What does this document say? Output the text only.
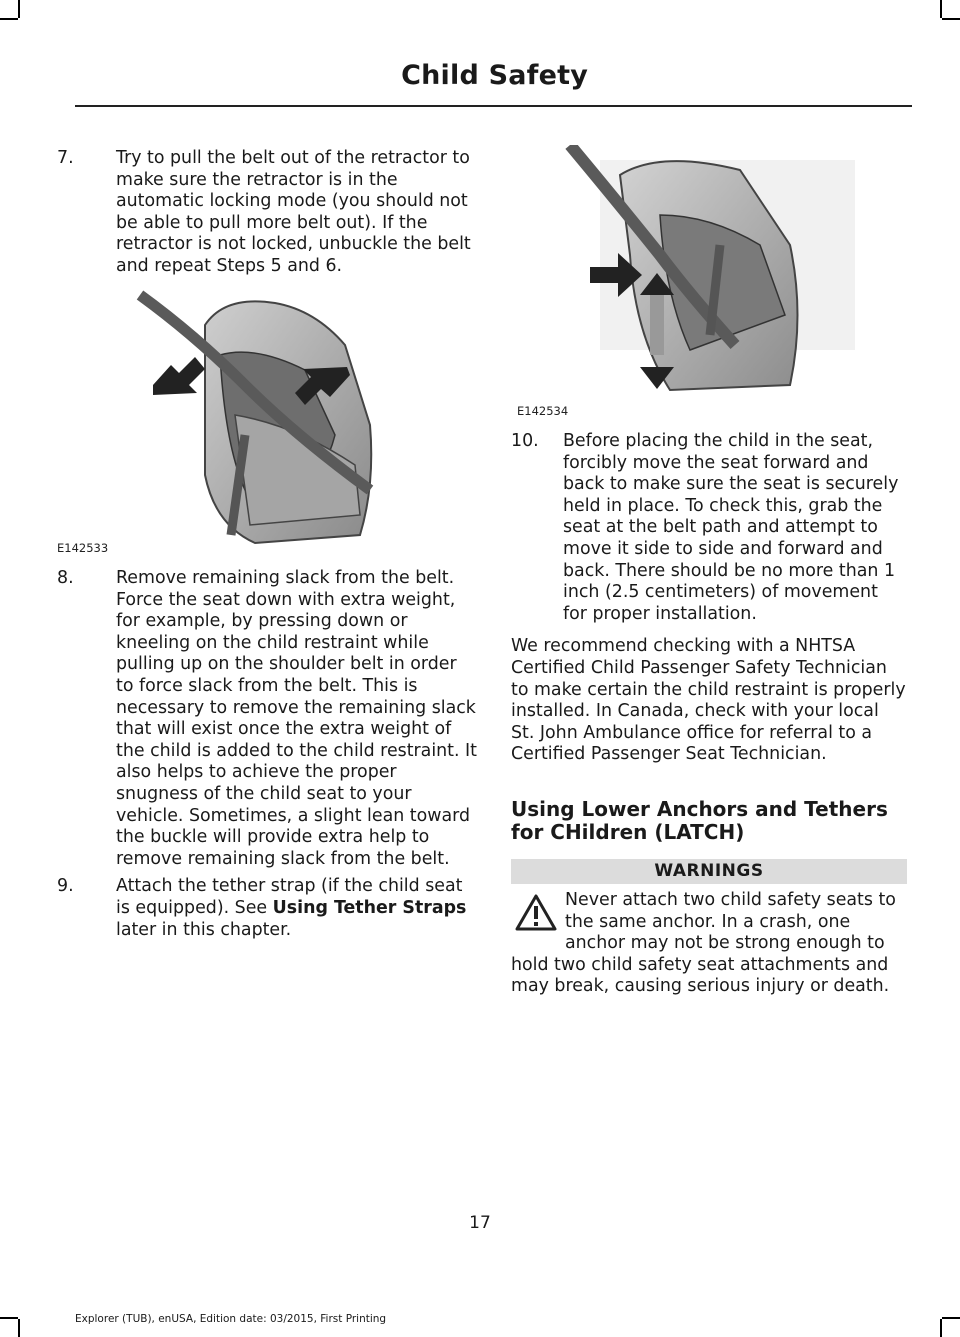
Child Safety
7. Try to pull the belt out of the retractor to make sure the retractor is in the automatic locking mode (you should not be able to pull more belt out). If the retractor is not locked, unbuckle the belt and repeat Steps 5 and 6.

E142533
8. Remove remaining slack from the belt. Force the seat down with extra weight, for example, by pressing down or kneeling on the child restraint while pulling up on the shoulder belt in order to force slack from the belt. This is necessary to remove the remaining slack that will exist once the extra weight of the child is added to the child restraint. It also helps to achieve the proper snugness of the child seat to your vehicle. Sometimes, a slight lean toward the buckle will provide extra help to remove remaining slack from the belt.

9. Attach the tether strap (if the child seat is equipped). See Using Tether Straps later in this chapter.

E142534
10. Before placing the child in the seat, forcibly move the seat forward and back to make sure the seat is securely held in place. To check this, grab the seat at the belt path and attempt to move it side to side and forward and back. There should be no more than 1 inch (2.5 centimeters) of movement for proper installation.

We recommend checking with a NHTSA Certified Child Passenger Safety Technician to make certain the child restraint is properly installed. In Canada, check with your local St. John Ambulance office for referral to a Certified Passenger Seat Technician.

Using Lower Anchors and Tethers for CHildren (LATCH)
WARNINGS
Never attach two child safety seats to the same anchor. In a crash, one anchor may not be strong enough to
hold two child safety seat attachments and may break, causing serious injury or death.
17
Explorer (TUB), enUSA, Edition date: 03/2015, First Printing
